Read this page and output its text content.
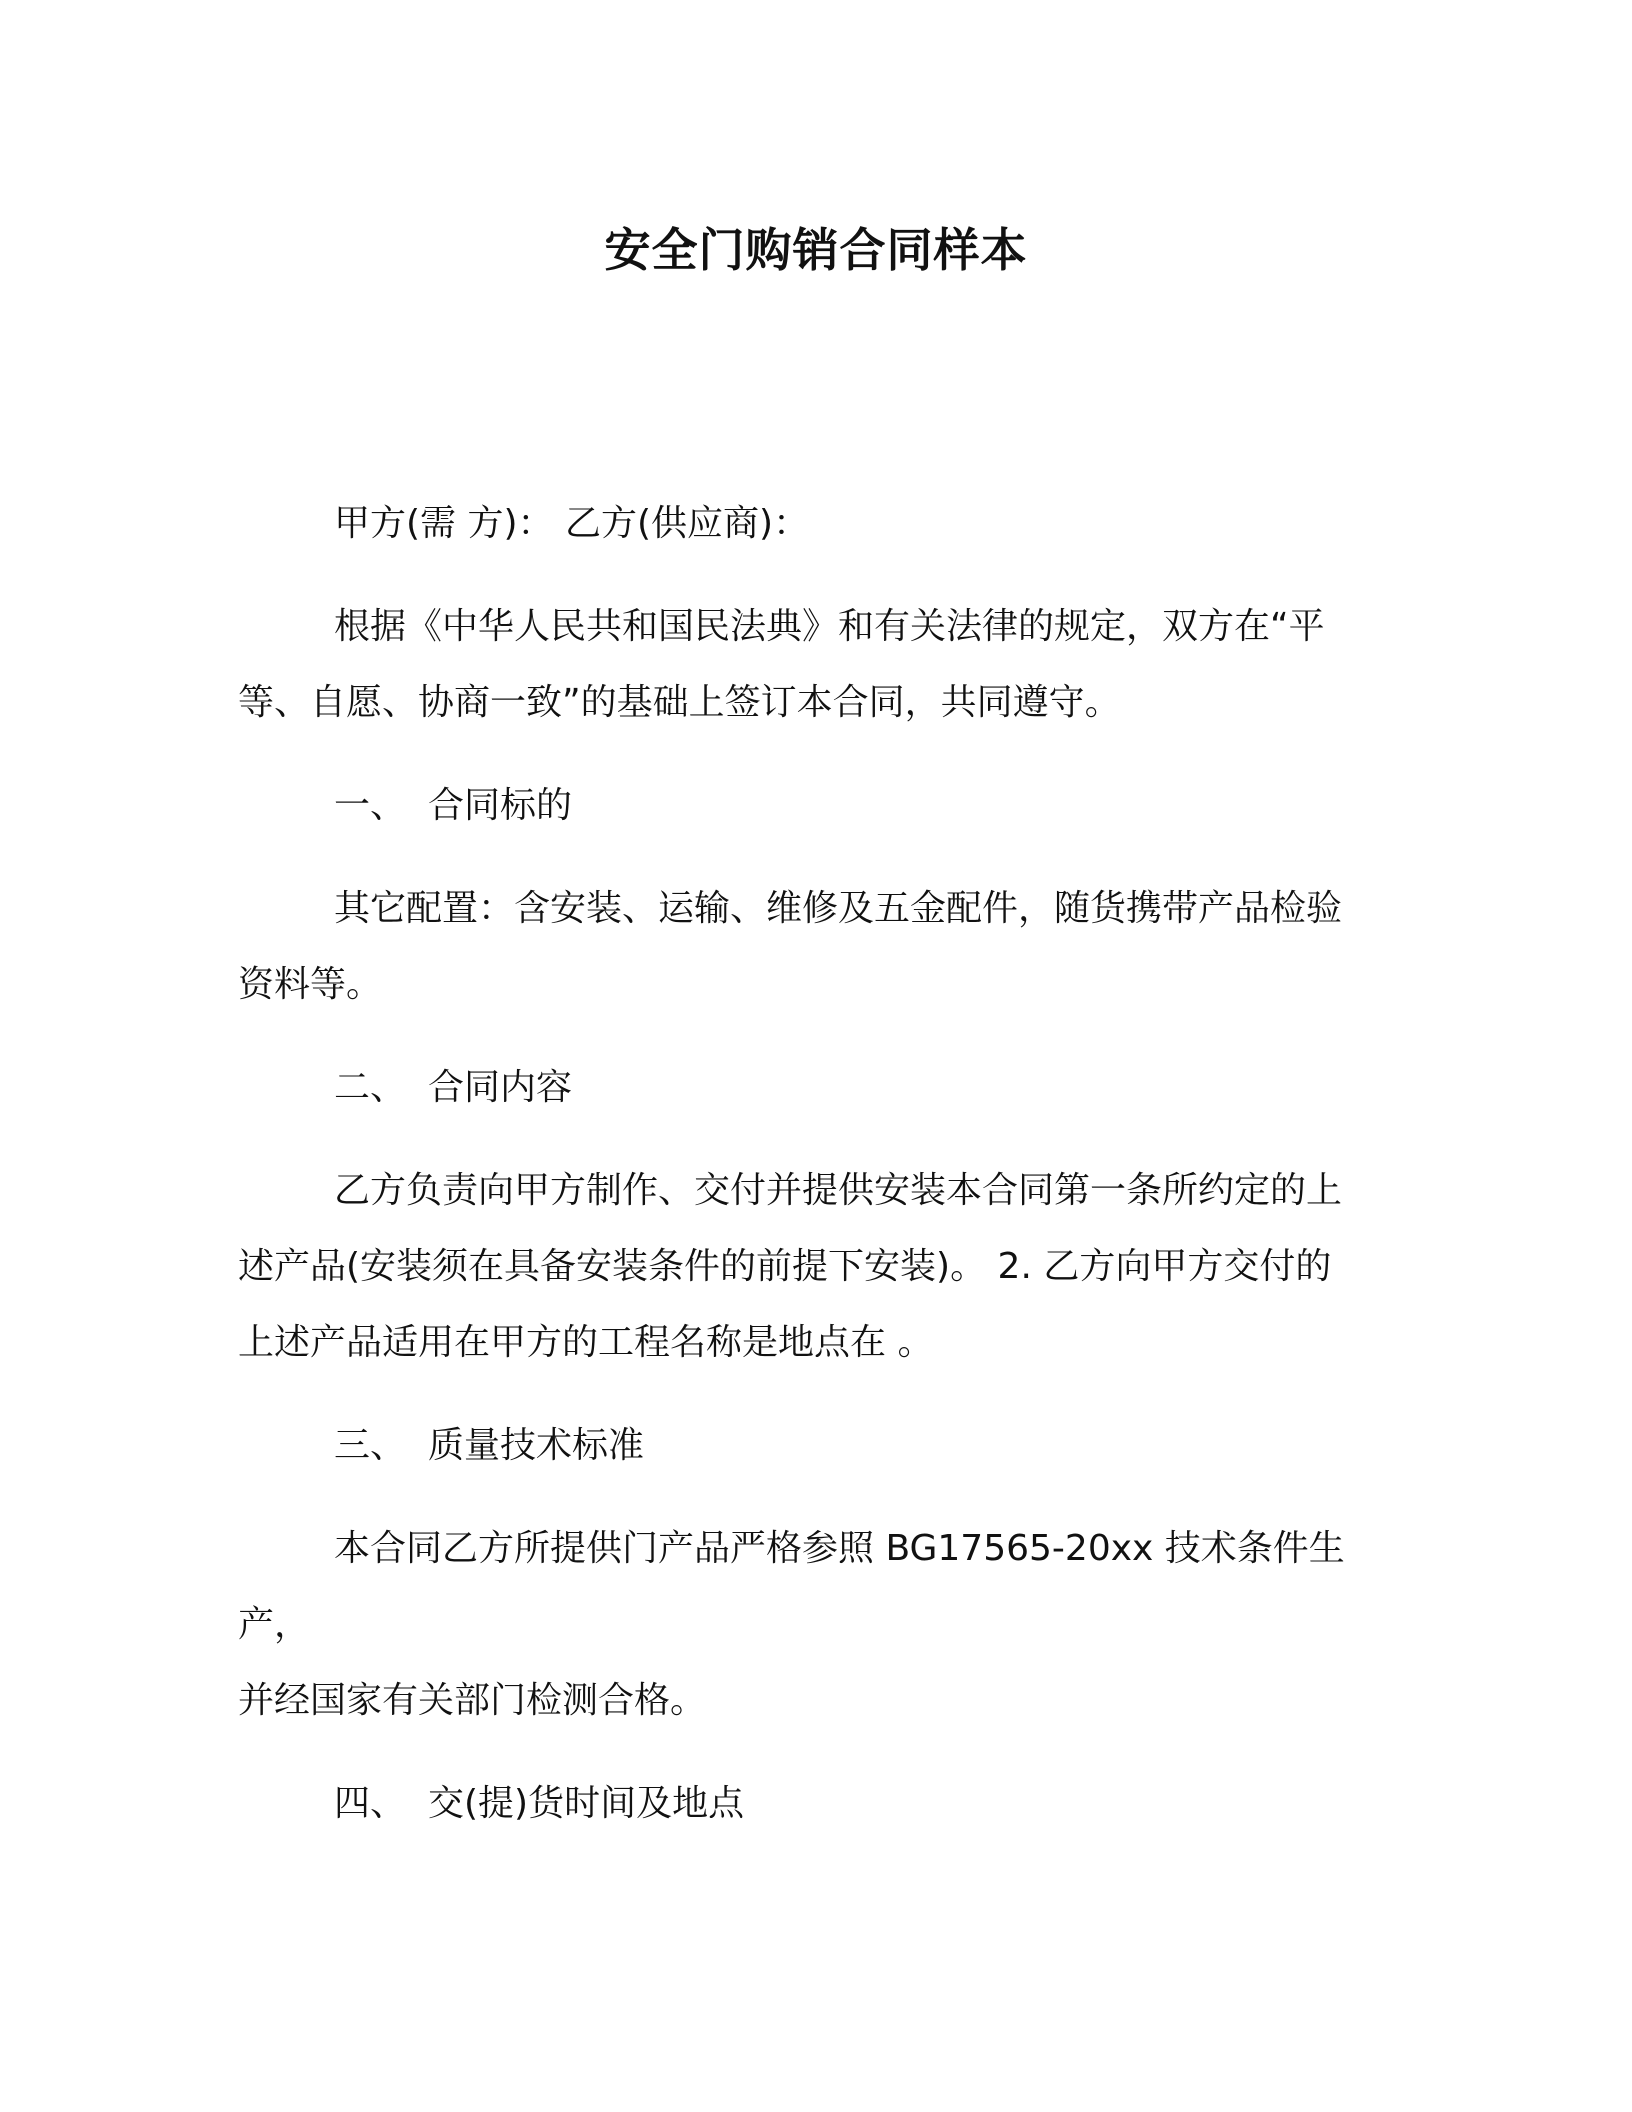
安全门购销合同样本

甲方(需 方)： 乙方(供应商)：

根据《中华人民共和国民法典》和有关法律的规定，双方在“平
等、自愿、协商一致”的基础上签订本合同，共同遵守。

一、 合同标的

其它配置：含安装、运输、维修及五金配件，随货携带产品检验
资料等。

二、 合同内容

乙方负责向甲方制作、交付并提供安装本合同第一条所约定的上
述产品(安装须在具备安装条件的前提下安装)。 2. 乙方向甲方交付的
上述产品适用在甲方的工程名称是地点在 。

三、 质量技术标准

本合同乙方所提供门产品严格参照 BG17565-20xx 技术条件生产，
并经国家有关部门检测合格。

四、 交(提)货时间及地点
